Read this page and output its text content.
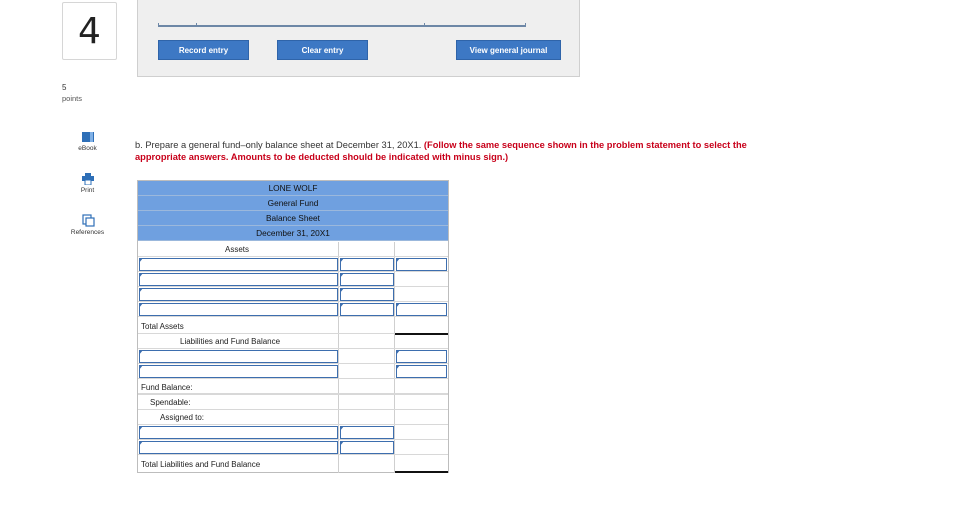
4
5
points
eBook
Print
References
Record entry	Clear entry	View general journal
b. Prepare a general fund–only balance sheet at December 31, 20X1. (Follow the same sequence shown in the problem statement to select the appropriate answers. Amounts to be deducted should be indicated with minus sign.)
LONE WOLF
General Fund
Balance Sheet
December 31, 20X1
Assets
Total Assets
Liabilities and Fund Balance
Fund Balance:
Spendable:
Assigned to:
Total Liabilities and Fund Balance
